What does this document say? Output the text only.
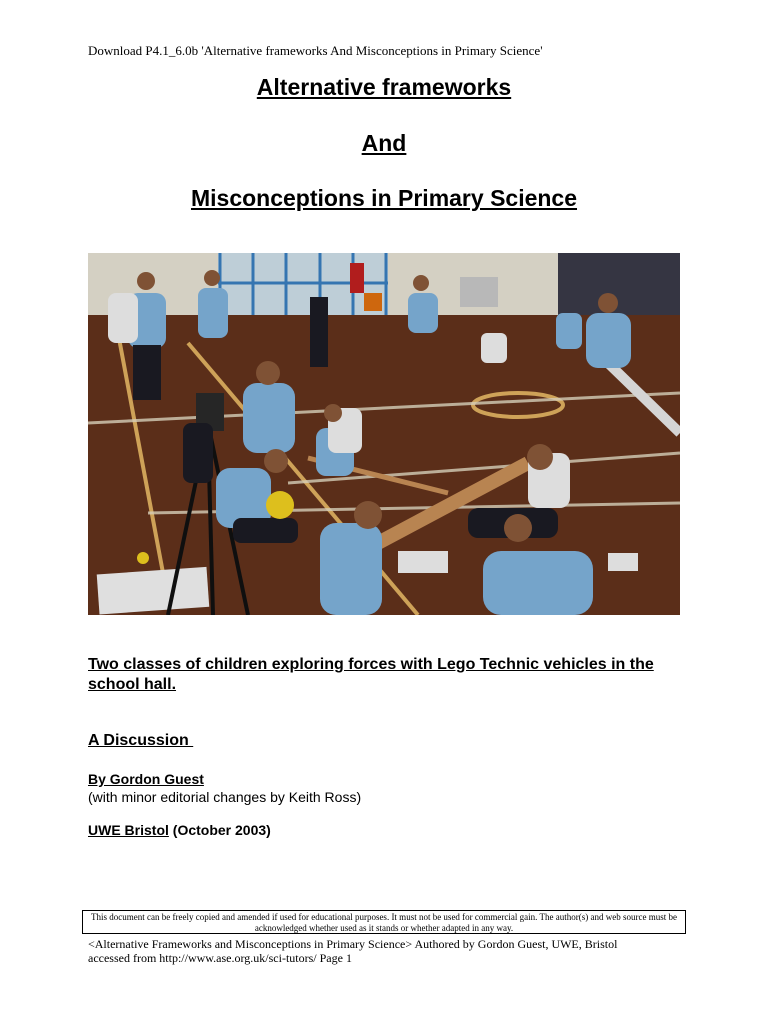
Download P4.1_6.0b 'Alternative frameworks And Misconceptions in Primary Science'
Alternative frameworks
And
Misconceptions in Primary Science
Two classes of children exploring forces with Lego Technic vehicles in the school hall.
A Discussion
By Gordon Guest
(with minor editorial changes by Keith Ross)
UWE Bristol (October 2003)
This document can be freely copied and amended if used for educational purposes. It must not be used for commercial gain. The author(s) and web source must be acknowledged whether used as it stands or whether adapted in any way.
<Alternative Frameworks and Misconceptions in Primary Science> Authored by Gordon Guest, UWE, Bristol
accessed from http://www.ase.org.uk/sci-tutors/ Page 1
